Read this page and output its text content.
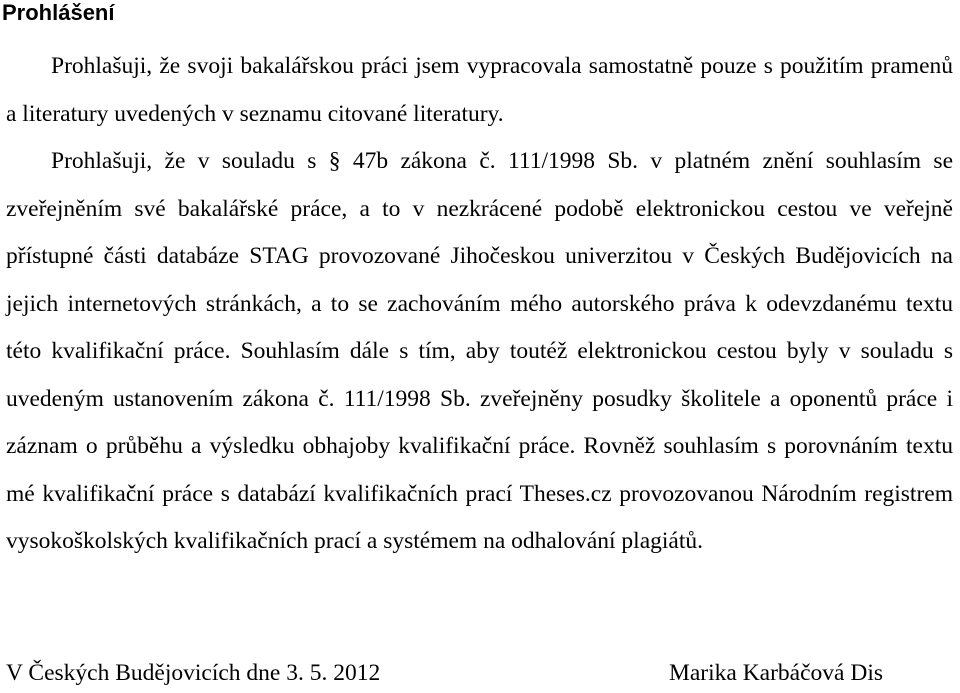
Prohlášení

Prohlašuji, že svoji bakalářskou práci jsem vypracovala samostatně pouze s použitím pramenů a literatury uvedených v seznamu citované literatury.

Prohlašuji, že v souladu s § 47b zákona č. 111/1998 Sb. v platném znění souhlasím se zveřejněním své bakalářské práce, a to v nezkrácené podobě elektronickou cestou ve veřejně přístupné části databáze STAG provozované Jihočeskou univerzitou v Českých Budějovicích na jejich internetových stránkách, a to se zachováním mého autorského práva k odevzdanému textu této kvalifikační práce. Souhlasím dále s tím, aby toutéž elektronickou cestou byly v souladu s uvedeným ustanovením zákona č. 111/1998 Sb. zveřejněny posudky školitele a oponentů práce i záznam o průběhu a výsledku obhajoby kvalifikační práce. Rovněž souhlasím s porovnáním textu mé kvalifikační práce s databází kvalifikačních prací Theses.cz provozovanou Národním registrem vysokoškolských kvalifikačních prací a systémem na odhalování plagiátů.

V Českých Budějovicích dne 3. 5. 2012	Marika Karbáčová Dis
